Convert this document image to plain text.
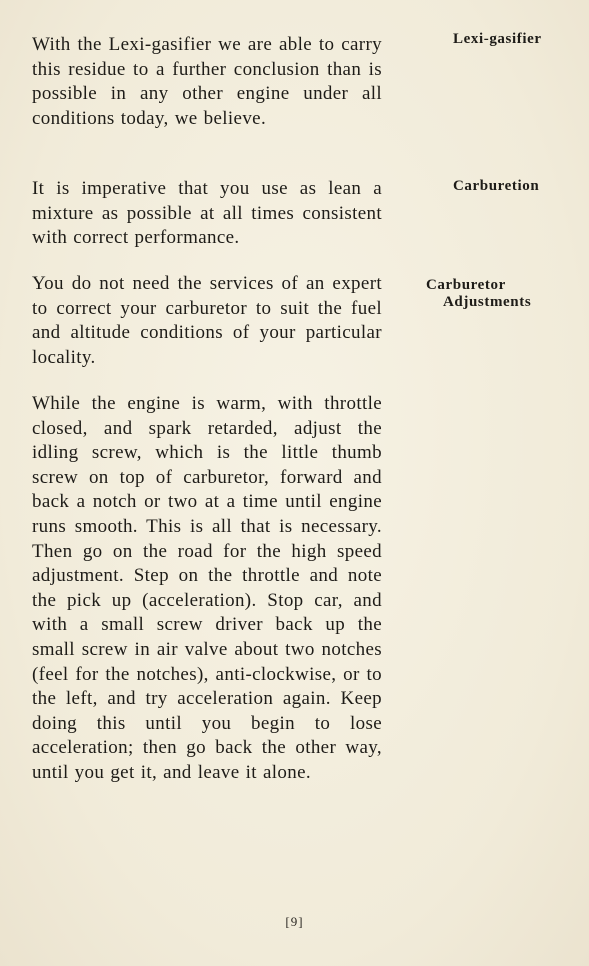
With the Lexi-gasifier we are able to carry this residue to a further conclusion than is possible in any other engine under all conditions today, we believe.

It is imperative that you use as lean a mixture as possible at all times consistent with correct performance.

You do not need the services of an expert to correct your carburetor to suit the fuel and altitude conditions of your particular locality.

While the engine is warm, with throttle closed, and spark retarded, adjust the idling screw, which is the little thumb screw on top of carburetor, forward and back a notch or two at a time until engine runs smooth. This is all that is necessary. Then go on the road for the high speed adjustment. Step on the throttle and note the pick up (acceleration). Stop car, and with a small screw driver back up the small screw in air valve about two notches (feel for the notches), anti-clockwise, or to the left, and try acceleration again. Keep doing this until you begin to lose acceleration; then go back the other way, until you get it, and leave it alone.

Lexi-gasifier
Carburetion
Carburetor
Adjustments
[9]
